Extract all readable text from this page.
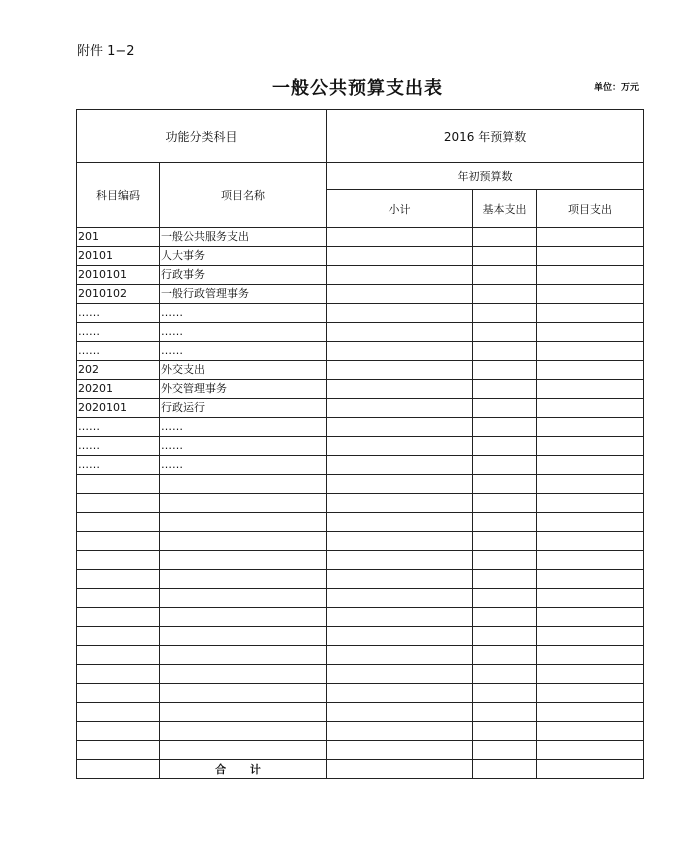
附件 1−2
一般公共预算支出表	单位：万元
功能分类科目		2016 年预算数		
科目编码	项目名称	年初预算数		
		小计	基本支出	项目支出
201	一般公共服务支出			
20101	人大事务			
2010101	行政事务			
2010102	一般行政管理事务			
……	……			
……	……			
……	……			
202	外交支出			
20201	外交管理事务			
2020101	行政运行			
……	……			
……	……			
……	……			

	合 计			
